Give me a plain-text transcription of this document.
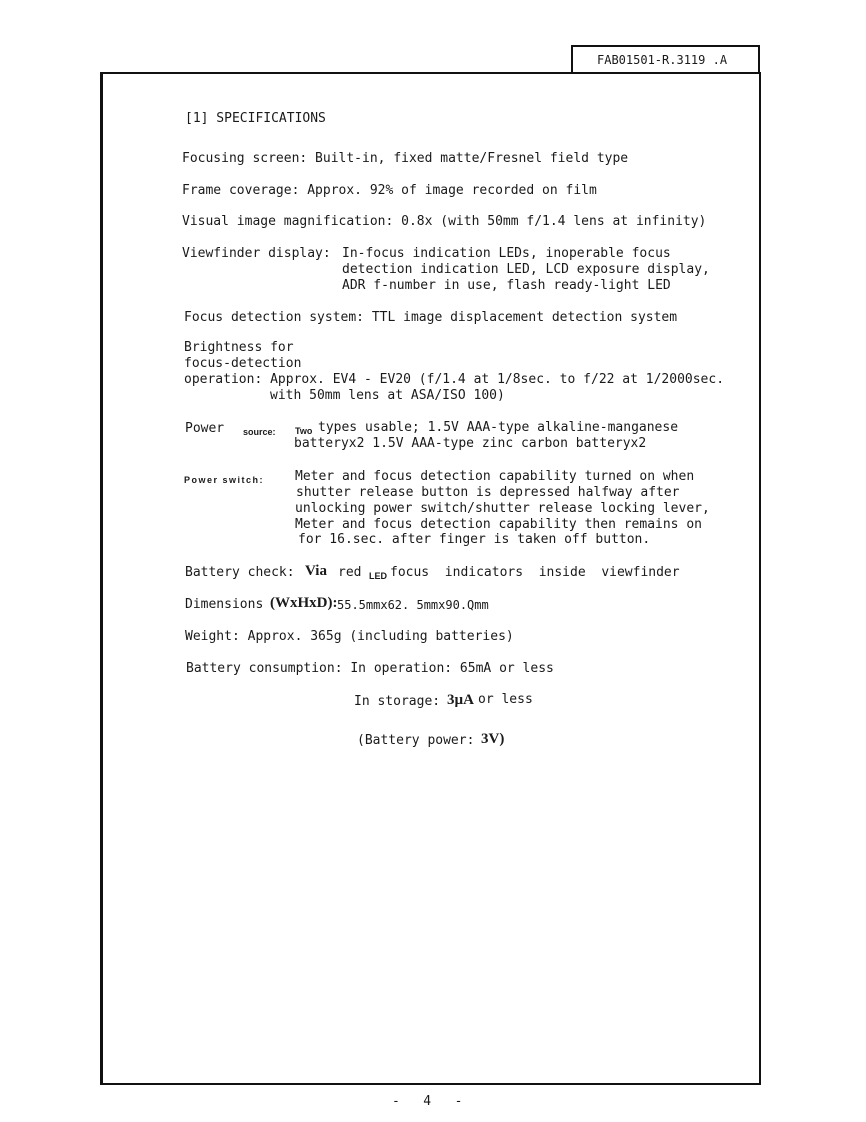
FAB01501-R.3119 .A
[1] SPECIFICATIONS
Focusing screen: Built-in, fixed matte/Fresnel field type
Frame coverage: Approx. 92% of image recorded on film
Visual image magnification: 0.8x (with 50mm f/1.4 lens at infinity)
Viewfinder display: In-focus indication LEDs, inoperable focus
detection indication LED, LCD exposure display,
ADR f-number in use, flash ready-light LED
Focus detection system: TTL image displacement detection system
Brightness for
focus-detection
operation: Approx. EV4 - EV20 (f/1.4 at 1/8sec. to f/22 at 1/2000sec.
with 50mm lens at ASA/ISO 100)
Power source: Two types usable; 1.5V AAA-type alkaline-manganese
batteryx2 1.5V AAA-type zinc carbon batteryx2
Power switch: Meter and focus detection capability turned on when
shutter release button is depressed halfway after
unlocking power switch/shutter release locking lever,
Meter and focus detection capability then remains on
for 16.sec. after finger is taken off button.
Battery check: Via red LED focus  indicators  inside  viewfinder
Dimensions (WxHxD): 55.5mmx62. 5mmx90.Qmm
Weight: Approx. 365g (including batteries)
Battery consumption: In operation: 65mA or less
In storage: 3µA or less
(Battery power: 3V)
-   4   -
